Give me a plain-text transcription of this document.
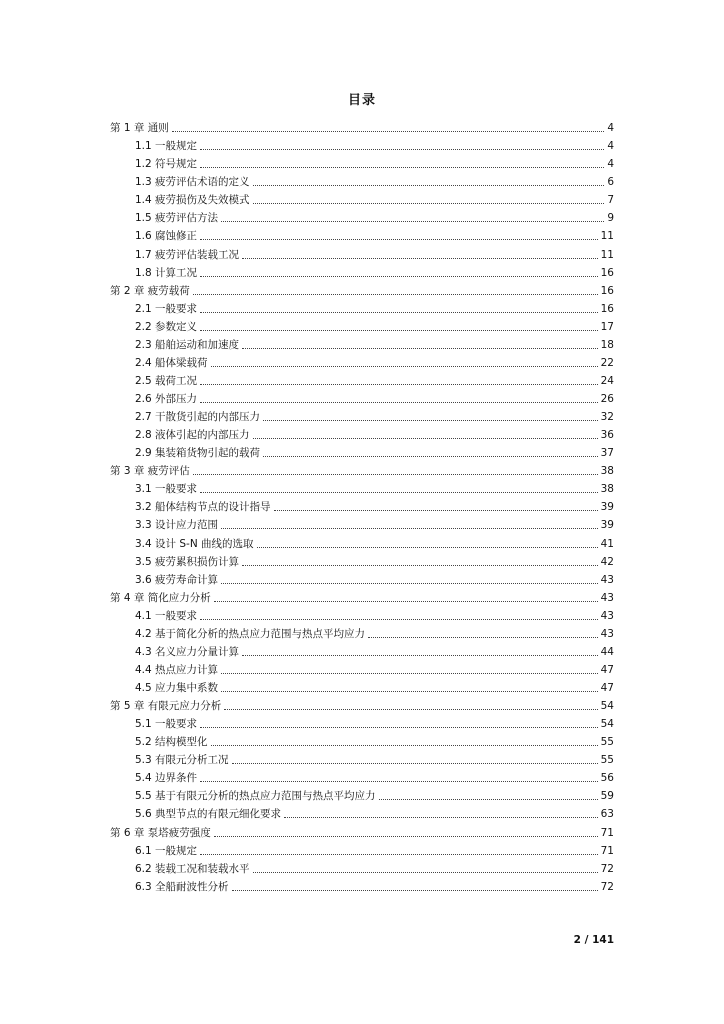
目录
第 1 章 通则	4
1.1 一般规定	4
1.2 符号规定	4
1.3 疲劳评估术语的定义	6
1.4 疲劳损伤及失效模式	7
1.5 疲劳评估方法	9
1.6 腐蚀修正	11
1.7 疲劳评估装载工况	11
1.8 计算工况	16
第 2 章 疲劳载荷	16
2.1 一般要求	16
2.2 参数定义	17
2.3 船舶运动和加速度	18
2.4 船体梁载荷	22
2.5 载荷工况	24
2.6 外部压力	26
2.7 干散货引起的内部压力	32
2.8 液体引起的内部压力	36
2.9 集装箱货物引起的载荷	37
第 3 章 疲劳评估	38
3.1 一般要求	38
3.2 船体结构节点的设计指导	39
3.3 设计应力范围	39
3.4 设计 S-N 曲线的选取	41
3.5 疲劳累积损伤计算	42
3.6 疲劳寿命计算	43
第 4 章 简化应力分析	43
4.1 一般要求	43
4.2 基于简化分析的热点应力范围与热点平均应力	43
4.3 名义应力分量计算	44
4.4 热点应力计算	47
4.5 应力集中系数	47
第 5 章 有限元应力分析	54
5.1 一般要求	54
5.2 结构模型化	55
5.3 有限元分析工况	55
5.4 边界条件	56
5.5 基于有限元分析的热点应力范围与热点平均应力	59
5.6 典型节点的有限元细化要求	63
第 6 章 泵塔疲劳强度	71
6.1 一般规定	71
6.2 装载工况和装载水平	72
6.3 全船耐波性分析	72
2 / 141
